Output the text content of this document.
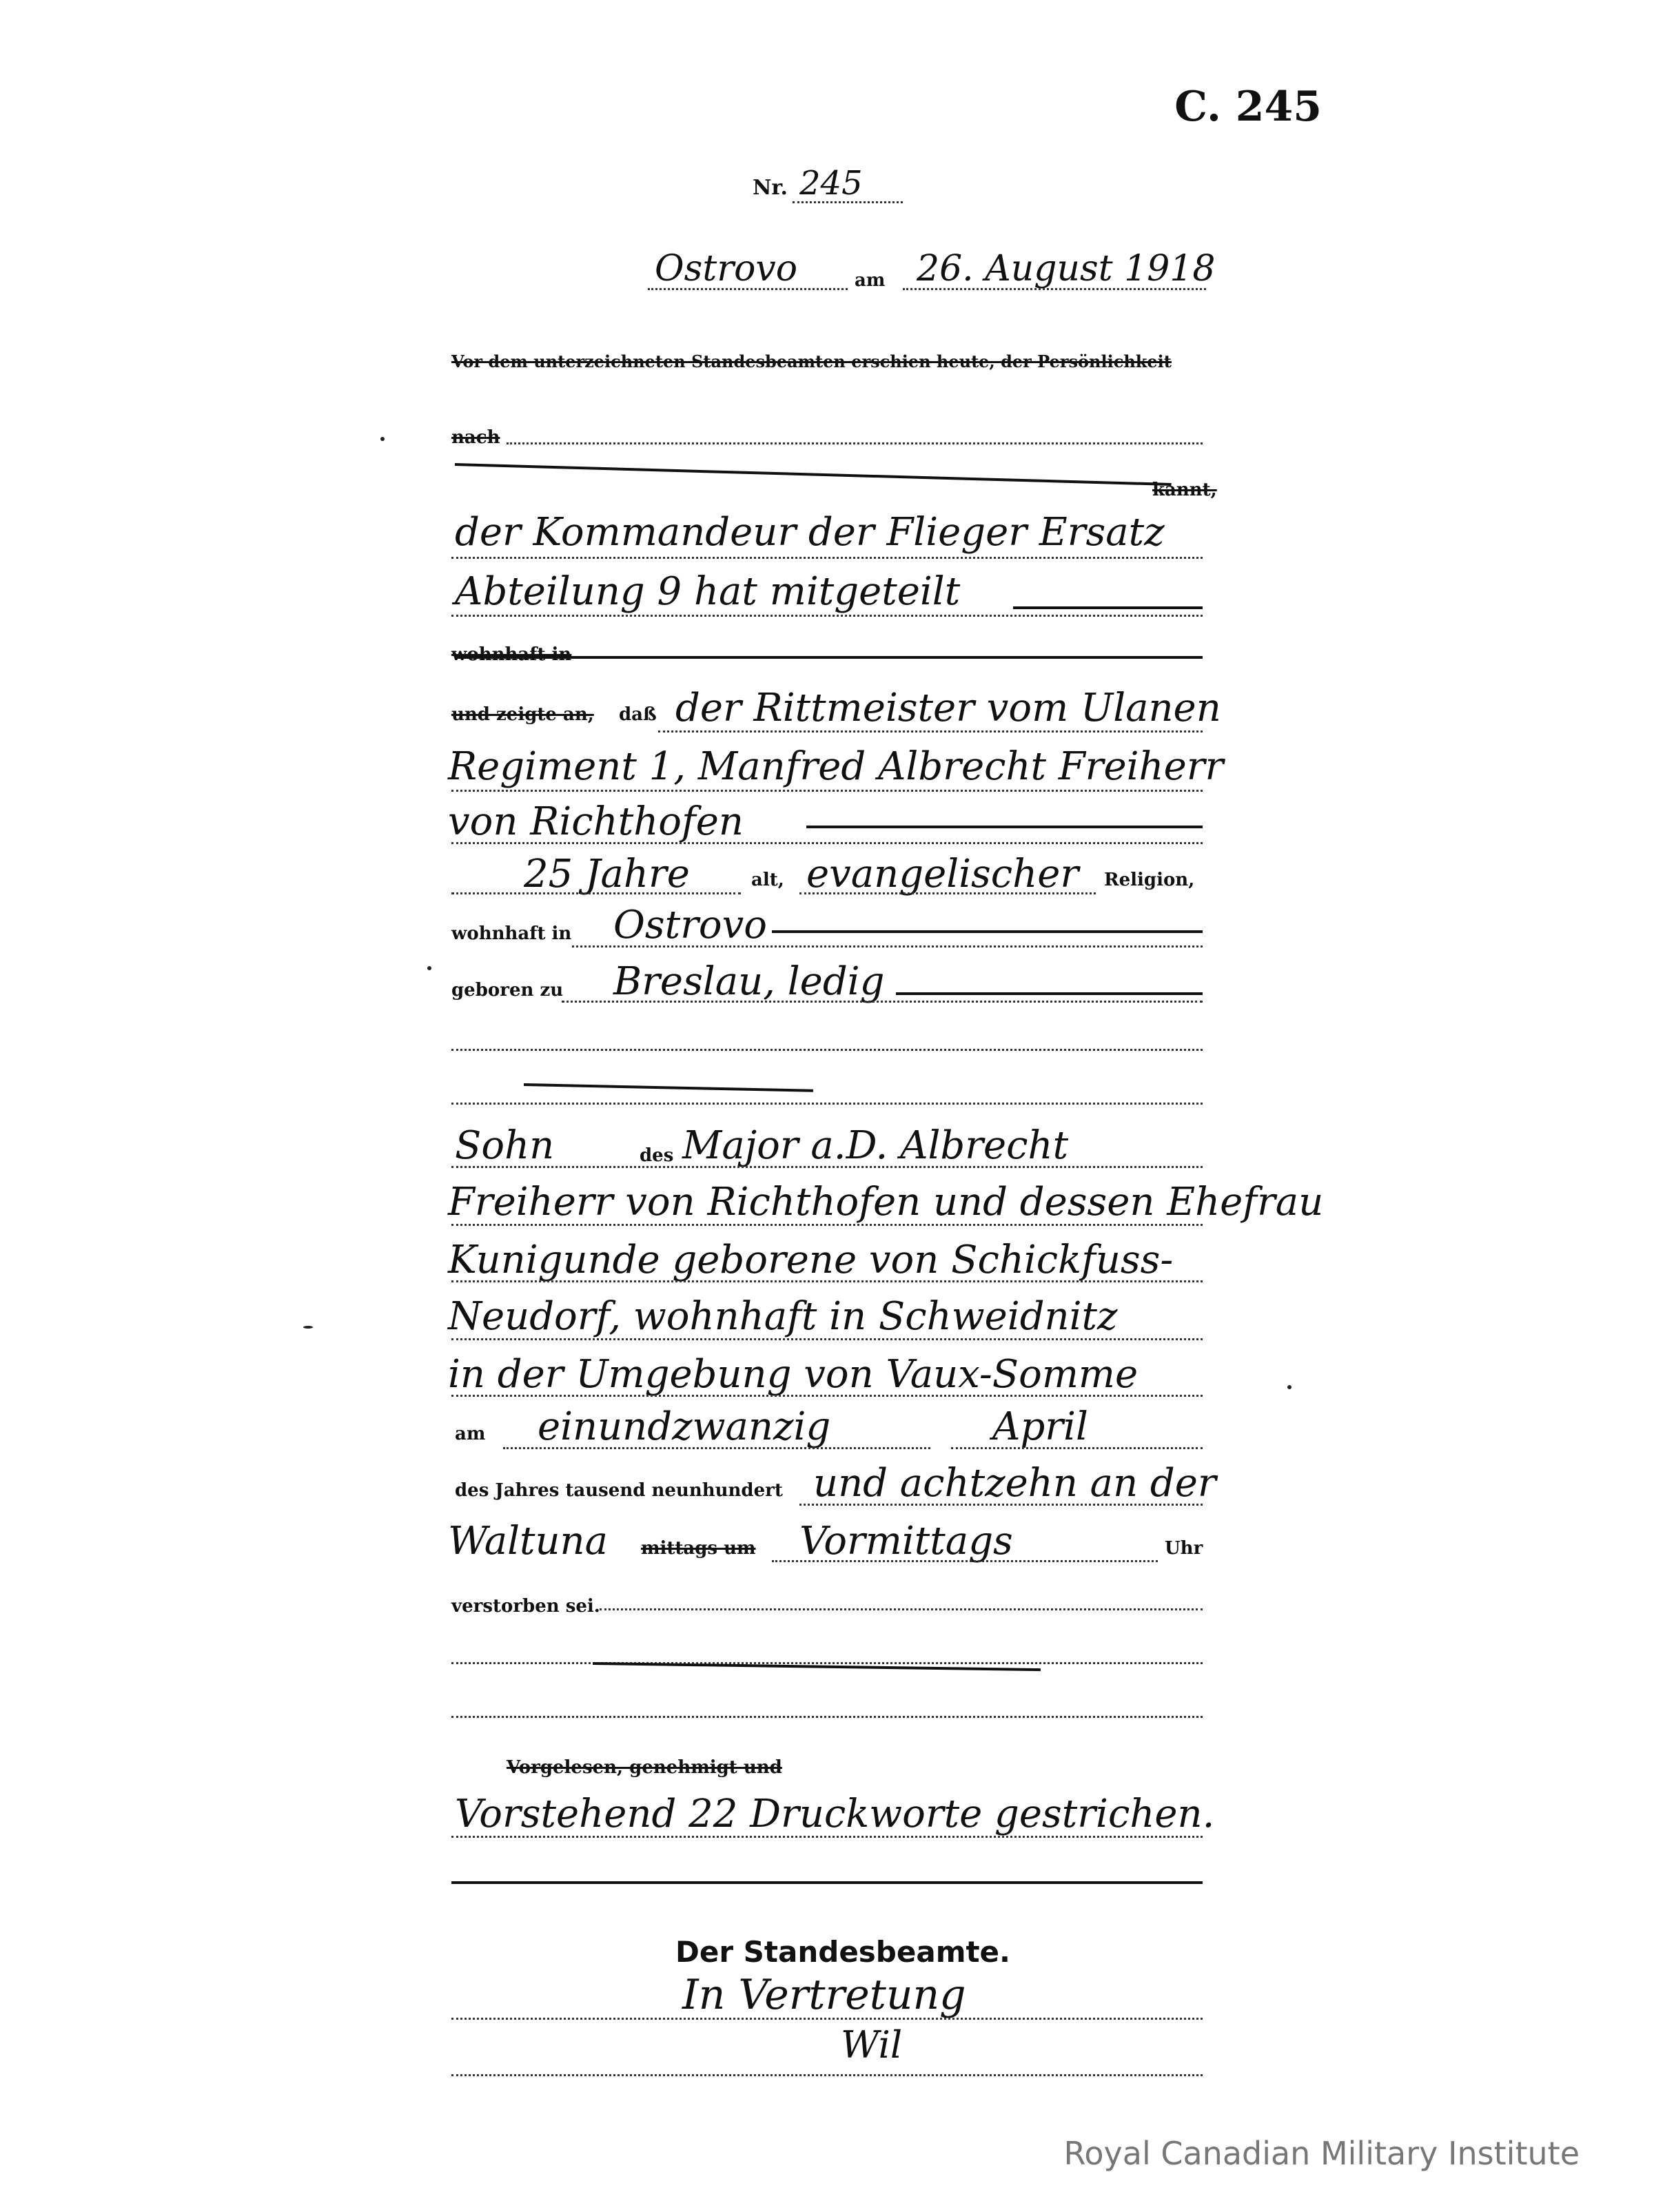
C. 245
Nr. 245
Ostrovo	am 26. August 1918
Vor dem unterzeichneten Standesbeamten erschien heute, der Persönlichkeit
nach
kannt,
der Kommandeur der Flieger Ersatz
Abteilung 9 hat mitgeteilt
wohnhaft in
und zeigte an, daß der Rittmeister vom Ulanen
Regiment 1, Manfred Albrecht Freiherr
von Richthofen
25 Jahre	alt, evangelischer Religion,
wohnhaft in Ostrovo
geboren zu Breslau, ledig
Sohn	des Major a.D. Albrecht
Freiherr von Richthofen und dessen Ehefrau
Kunigunde geborene von Schickfuss-
Neudorf, wohnhaft in Schweidnitz
in der Umgebung von Vaux-Somme
am einundzwanzig	April
des Jahres tausend neunhundert und achtzehn an der
Waltuna mittags um Vormittags	Uhr
verstorben sei.
Vorgelesen, genehmigt und
Vorstehend 22 Druckworte gestrichen.
Der Standesbeamte.
In Vertretung
Wil
Royal Canadian Military Institute
